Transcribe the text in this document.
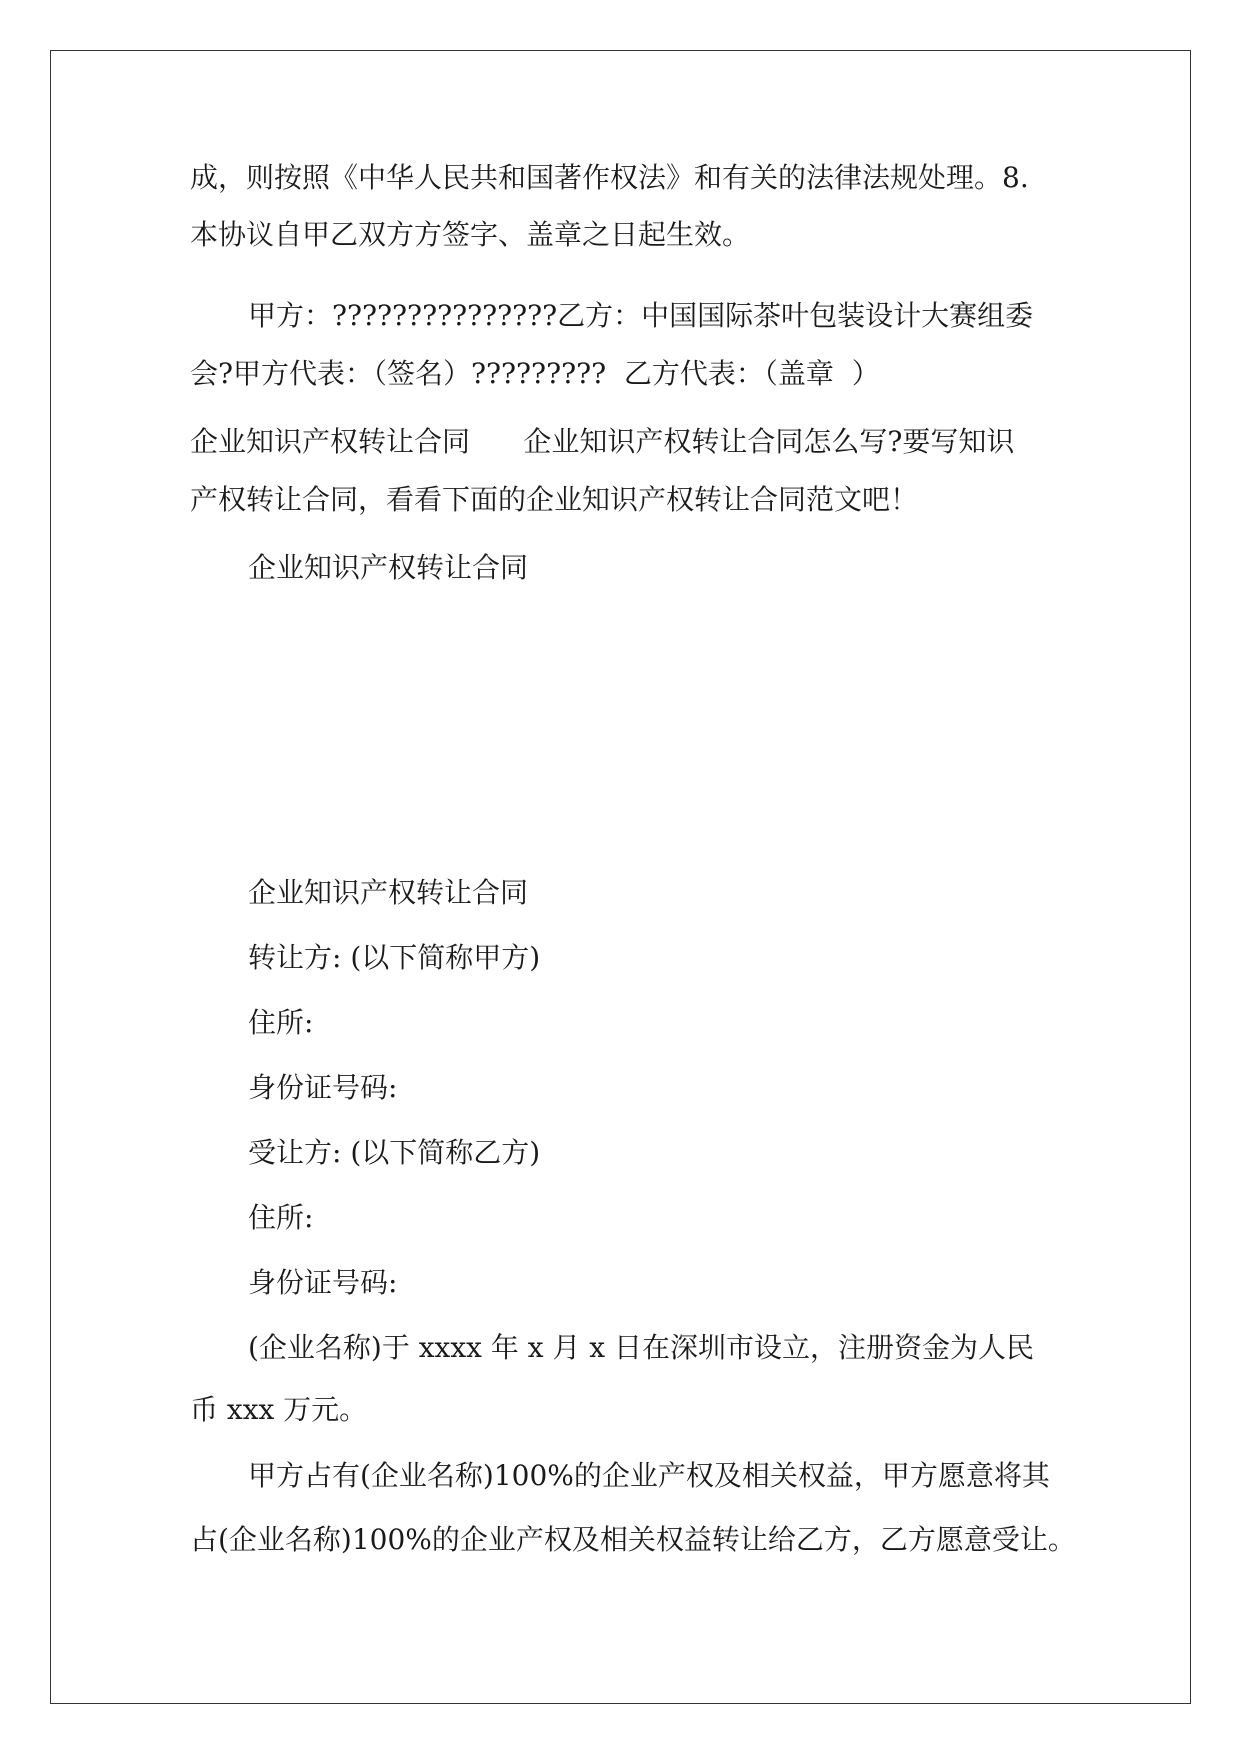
成，则按照《中华人民共和国著作权法》和有关的法律法规处理。8.
本协议自甲乙双方方签字、盖章之日起生效。
甲方：???????????????乙方：中国国际茶叶包装设计大赛组委
会?甲方代表：（签名）?????????  乙方代表：（盖章  ）
企业知识产权转让合同      企业知识产权转让合同怎么写?要写知识
产权转让合同，看看下面的企业知识产权转让合同范文吧！
企业知识产权转让合同
企业知识产权转让合同
转让方: (以下简称甲方)
住所:
身份证号码:
受让方: (以下简称乙方)
住所:
身份证号码:
(企业名称)于 xxxx 年 x 月 x 日在深圳市设立，注册资金为人民
币 xxx 万元。
甲方占有(企业名称)100%的企业产权及相关权益，甲方愿意将其
占(企业名称)100%的企业产权及相关权益转让给乙方，乙方愿意受让。
